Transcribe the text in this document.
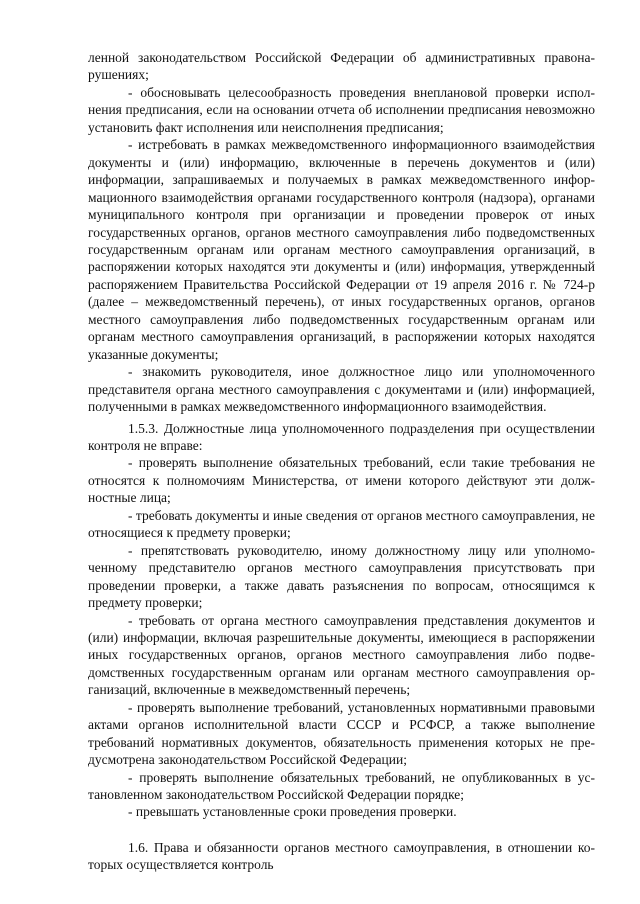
ленной законодательством Российской Федерации об административных правонарушениях;

- обосновывать целесообразность проведения внеплановой проверки исполнения предписания, если на основании отчета об исполнении предписания невозможно установить факт исполнения или неисполнения предписания;

- истребовать в рамках межведомственного информационного взаимодействия документы и (или) информацию, включенные в перечень документов и (или) информации, запрашиваемых и получаемых в рамках межведомственного информационного взаимодействия органами государственного контроля (надзора), органами муниципального контроля при организации и проведении проверок от иных государственных органов, органов местного самоуправления либо подведомственных государственным органам или органам местного самоуправления организаций, в распоряжении которых находятся эти документы и (или) информация, утвержденный распоряжением Правительства Российской Федерации от 19 апреля 2016 г. № 724-р (далее – межведомственный перечень), от иных государственных органов, органов местного самоуправления либо подведомственных государственным органам или органам местного самоуправления организаций, в распоряжении которых находятся указанные документы;

- знакомить руководителя, иное должностное лицо или уполномоченного представителя органа местного самоуправления с документами и (или) информацией, полученными в рамках межведомственного информационного взаимодействия.

1.5.3. Должностные лица уполномоченного подразделения при осуществлении контроля не вправе:

- проверять выполнение обязательных требований, если такие требования не относятся к полномочиям Министерства, от имени которого действуют эти должностные лица;

- требовать документы и иные сведения от органов местного самоуправления, не относящиеся к предмету проверки;

- препятствовать руководителю, иному должностному лицу или уполномоченному представителю органов местного самоуправления присутствовать при проведении проверки, а также давать разъяснения по вопросам, относящимся к предмету проверки;

- требовать от органа местного самоуправления представления документов и (или) информации, включая разрешительные документы, имеющиеся в распоряжении иных государственных органов, органов местного самоуправления либо подведомственных государственным органам или органам местного самоуправления организаций, включенные в межведомственный перечень;

- проверять выполнение требований, установленных нормативными правовыми актами органов исполнительной власти СССР и РСФСР, а также выполнение требований нормативных документов, обязательность применения которых не предусмотрена законодательством Российской Федерации;

- проверять выполнение обязательных требований, не опубликованных в установленном законодательством Российской Федерации порядке;

- превышать установленные сроки проведения проверки.

1.6. Права и обязанности органов местного самоуправления, в отношении которых осуществляется контроль
